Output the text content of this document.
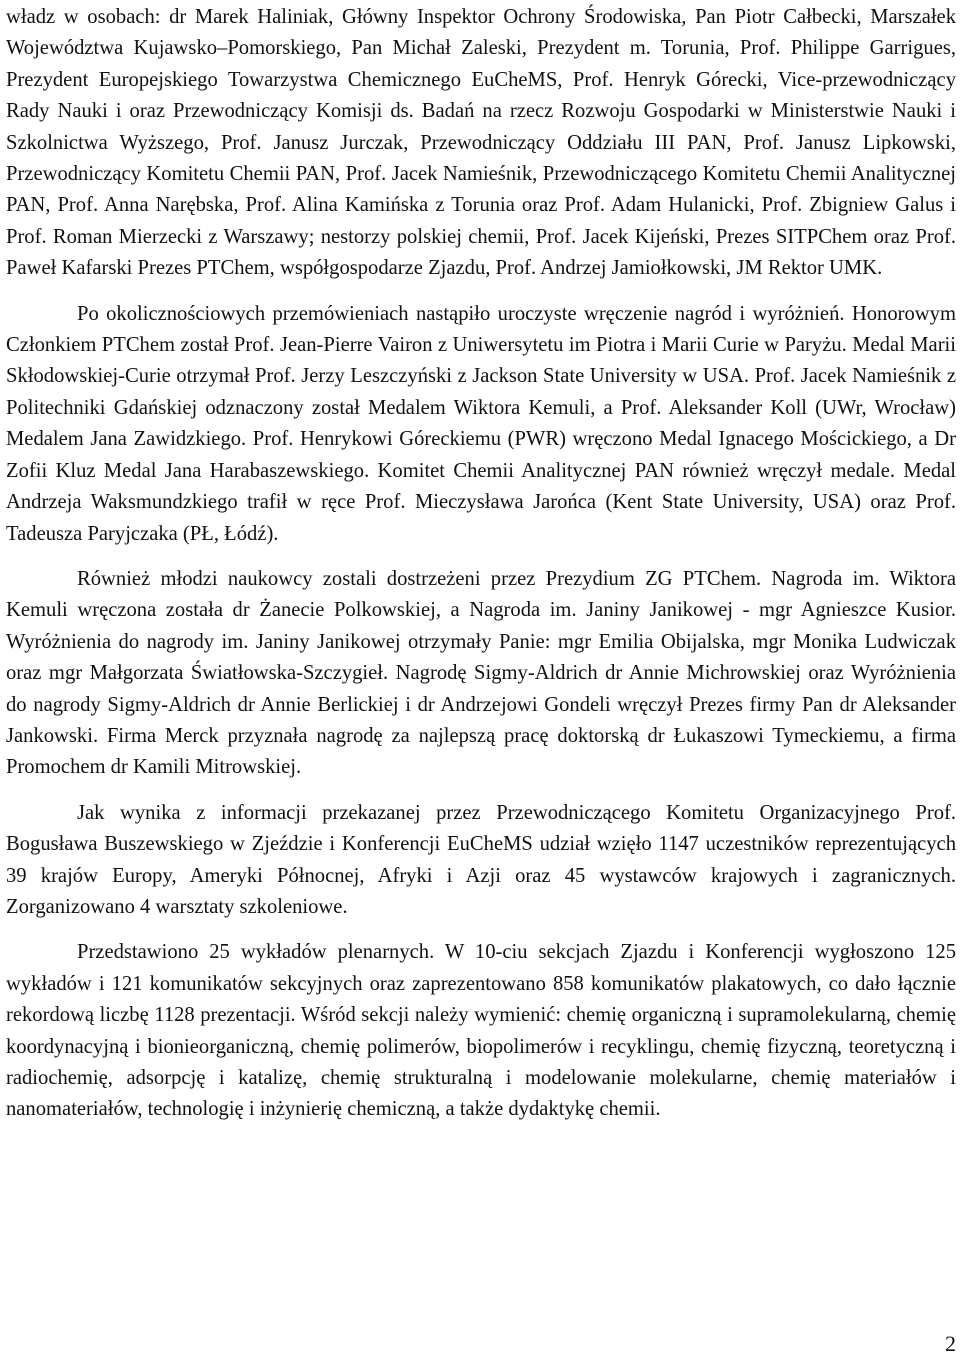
władz w osobach: dr Marek Haliniak, Główny Inspektor Ochrony Środowiska, Pan Piotr Całbecki, Marszałek Województwa Kujawsko–Pomorskiego, Pan Michał Zaleski, Prezydent m. Torunia, Prof. Philippe Garrigues, Prezydent Europejskiego Towarzystwa Chemicznego EuCheMS, Prof. Henryk Górecki, Vice-przewodniczący Rady Nauki i oraz Przewodniczący Komisji ds. Badań na rzecz Rozwoju Gospodarki w Ministerstwie Nauki i Szkolnictwa Wyższego, Prof. Janusz Jurczak, Przewodniczący Oddziału III PAN, Prof. Janusz Lipkowski, Przewodniczący Komitetu Chemii PAN, Prof. Jacek Namieśnik, Przewodniczącego Komitetu Chemii Analitycznej PAN, Prof. Anna Narębska, Prof. Alina Kamińska z Torunia oraz Prof. Adam Hulanicki, Prof. Zbigniew Galus i Prof. Roman Mierzecki z Warszawy; nestorzy polskiej chemii, Prof. Jacek Kijeński, Prezes SITPChem oraz Prof. Paweł Kafarski Prezes PTChem, współgospodarze Zjazdu, Prof. Andrzej Jamiołkowski, JM Rektor UMK.

Po okolicznościowych przemówieniach nastąpiło uroczyste wręczenie nagród i wyróżnień. Honorowym Członkiem PTChem został Prof. Jean-Pierre Vairon z Uniwersytetu im Piotra i Marii Curie w Paryżu. Medal Marii Skłodowskiej-Curie otrzymał Prof. Jerzy Leszczyński z Jackson State University w USA. Prof. Jacek Namieśnik z Politechniki Gdańskiej odznaczony został Medalem Wiktora Kemuli, a Prof. Aleksander Koll (UWr, Wrocław) Medalem Jana Zawidzkiego. Prof. Henrykowi Góreckiemu (PWR) wręczono Medal Ignacego Mościckiego, a Dr Zofii Kluz Medal Jana Harabaszewskiego. Komitet Chemii Analitycznej PAN również wręczył medale. Medal Andrzeja Waksmundzkiego trafił w ręce Prof. Mieczysława Jarońca (Kent State University, USA) oraz Prof. Tadeusza Paryjczaka (PŁ, Łódź).

Również młodzi naukowcy zostali dostrzeżeni przez Prezydium ZG PTChem. Nagroda im. Wiktora Kemuli wręczona została dr Żanecie Polkowskiej, a Nagroda im. Janiny Janikowej - mgr Agnieszce Kusior. Wyróżnienia do nagrody im. Janiny Janikowej otrzymały Panie: mgr Emilia Obijalska, mgr Monika Ludwiczak oraz mgr Małgorzata Światłowska-Szczygieł. Nagrodę Sigmy-Aldrich dr Annie Michrowskiej oraz Wyróżnienia do nagrody Sigmy-Aldrich dr Annie Berlickiej i dr Andrzejowi Gondeli wręczył Prezes firmy Pan dr Aleksander Jankowski. Firma Merck przyznała nagrodę za najlepszą pracę doktorską dr Łukaszowi Tymeckiemu, a firma Promochem dr Kamili Mitrowskiej.

Jak wynika z informacji przekazanej przez Przewodniczącego Komitetu Organizacyjnego Prof. Bogusława Buszewskiego w Zjeździe i Konferencji EuCheMS udział wzięło 1147 uczestników reprezentujących 39 krajów Europy, Ameryki Północnej, Afryki i Azji oraz 45 wystawców krajowych i zagranicznych. Zorganizowano 4 warsztaty szkoleniowe.

Przedstawiono 25 wykładów plenarnych. W 10-ciu sekcjach Zjazdu i Konferencji wygłoszono 125 wykładów i 121 komunikatów sekcyjnych oraz zaprezentowano 858 komunikatów plakatowych, co dało łącznie rekordową liczbę 1128 prezentacji. Wśród sekcji należy wymienić: chemię organiczną i supramolekularną, chemię koordynacyjną i bionieorganiczną, chemię polimerów, biopolimerów i recyklingu, chemię fizyczną, teoretyczną i radiochemię, adsorpcję i katalizę, chemię strukturalną i modelowanie molekularne, chemię materiałów i nanomateriałów, technologię i inżynierię chemiczną, a także dydaktykę chemii.

2
